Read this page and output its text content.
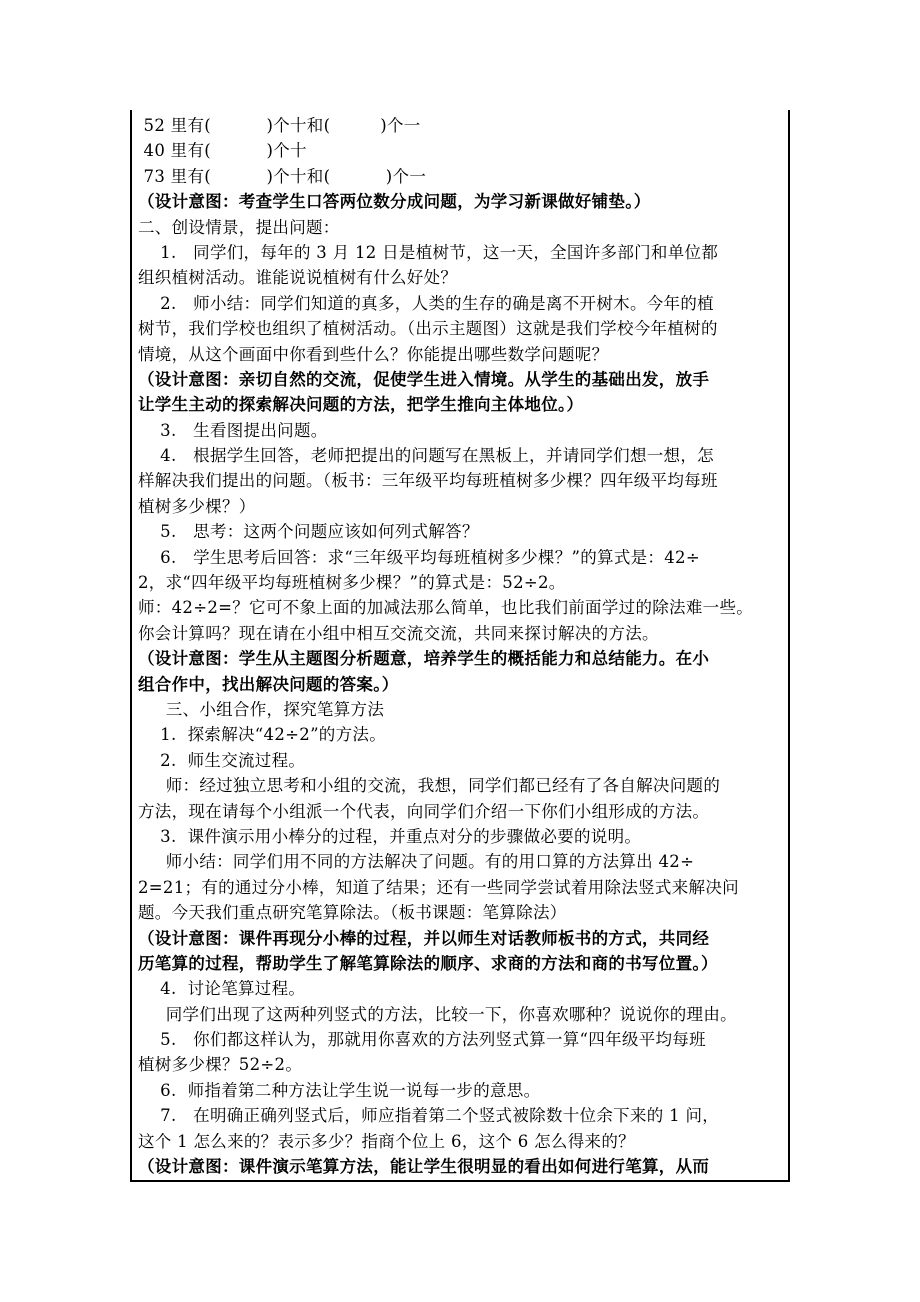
52 里有(          )个十和(         )个一
40 里有(          )个十
73 里有(          )个十和(          )个一
（设计意图：考查学生口答两位数分成问题，为学习新课做好铺垫。）
二、创设情景，提出问题：
1.   同学们，每年的 3 月 12 日是植树节，这一天，全国许多部门和单位都
组织植树活动。谁能说说植树有什么好处？
2.   师小结：同学们知道的真多，人类的生存的确是离不开树木。今年的植
树节，我们学校也组织了植树活动。（出示主题图）这就是我们学校今年植树的
情境，从这个画面中你看到些什么？你能提出哪些数学问题呢？
（设计意图：亲切自然的交流，促使学生进入情境。从学生的基础出发，放手
让学生主动的探索解决问题的方法，把学生推向主体地位。）
3.   生看图提出问题。
4.   根据学生回答，老师把提出的问题写在黑板上，并请同学们想一想，怎
样解决我们提出的问题。（板书：三年级平均每班植树多少棵？四年级平均每班
植树多少棵？）
5.   思考：这两个问题应该如何列式解答？
6.   学生思考后回答：求“三年级平均每班植树多少棵？”的算式是：42÷
2，求“四年级平均每班植树多少棵？”的算式是：52÷2。
师：42÷2=？它可不象上面的加减法那么简单，也比我们前面学过的除法难一些。
你会计算吗？现在请在小组中相互交流交流，共同来探讨解决的方法。
（设计意图：学生从主题图分析题意，培养学生的概括能力和总结能力。在小
组合作中，找出解决问题的答案。）
三、小组合作，探究笔算方法
1.  探索解决“42÷2”的方法。
2.  师生交流过程。
师：经过独立思考和小组的交流，我想，同学们都已经有了各自解决问题的
方法，现在请每个小组派一个代表，向同学们介绍一下你们小组形成的方法。
3.  课件演示用小棒分的过程，并重点对分的步骤做必要的说明。
师小结：同学们用不同的方法解决了问题。有的用口算的方法算出 42÷
2=21；有的通过分小棒，知道了结果；还有一些同学尝试着用除法竖式来解决问
题。今天我们重点研究笔算除法。（板书课题：笔算除法）
（设计意图：课件再现分小棒的过程，并以师生对话教师板书的方式，共同经
历笔算的过程，帮助学生了解笔算除法的顺序、求商的方法和商的书写位置。）
4.  讨论笔算过程。
同学们出现了这两种列竖式的方法，比较一下，你喜欢哪种？说说你的理由。
5.   你们都这样认为，那就用你喜欢的方法列竖式算一算“四年级平均每班
植树多少棵？52÷2。
6.  师指着第二种方法让学生说一说每一步的意思。
7.   在明确正确列竖式后，师应指着第二个竖式被除数十位余下来的 1 问，
这个 1 怎么来的？表示多少？指商个位上 6，这个 6 怎么得来的？
（设计意图：课件演示笔算方法，能让学生很明显的看出如何进行笔算，从而
